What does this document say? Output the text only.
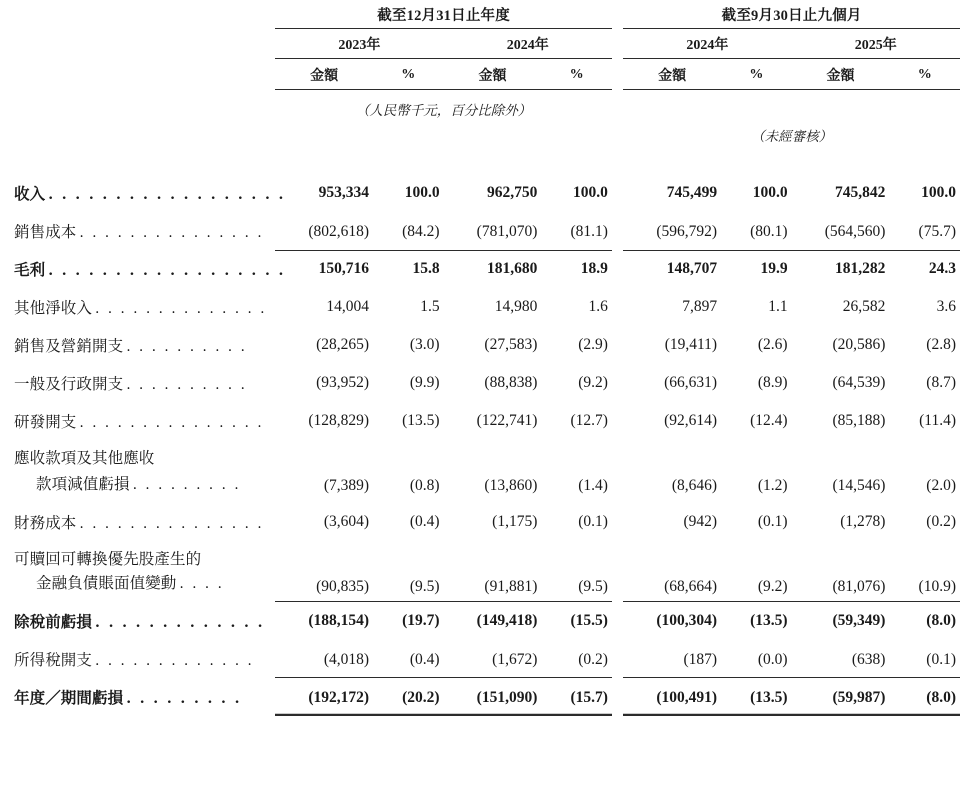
		截至12月31日止年度					截至9月30日止九個月			
		2023年		2024年			2024年		2025年	
		金額	%	金額	%		金額	%	金額	%

		（人民幣千元，百分比除外）								
							（未經審核）			

收入 . . . . . . . . . . . . . . . . . .		953,334	100.0	962,750	100.0		745,499	100.0	745,842	100.0
銷售成本 . . . . . . . . . . . . . . .		(802,618)	(84.2)	(781,070)	(81.1)		(596,792)	(80.1)	(564,560)	(75.7)
毛利 . . . . . . . . . . . . . . . . . .		150,716	15.8	181,680	18.9		148,707	19.9	181,282	24.3
其他淨收入 . . . . . . . . . . . . . .		14,004	1.5	14,980	1.6		7,897	1.1	26,582	3.6
銷售及營銷開支 . . . . . . . . . .		(28,265)	(3.0)	(27,583)	(2.9)		(19,411)	(2.6)	(20,586)	(2.8)
一般及行政開支 . . . . . . . . . .		(93,952)	(9.9)	(88,838)	(9.2)		(66,631)	(8.9)	(64,539)	(8.7)
研發開支 . . . . . . . . . . . . . . .		(128,829)	(13.5)	(122,741)	(12.7)		(92,614)	(12.4)	(85,188)	(11.4)
應收款項及其他應收										
款項減值虧損 . . . . . . . . .		(7,389)	(0.8)	(13,860)	(1.4)		(8,646)	(1.2)	(14,546)	(2.0)
財務成本 . . . . . . . . . . . . . . .		(3,604)	(0.4)	(1,175)	(0.1)		(942)	(0.1)	(1,278)	(0.2)
可贖回可轉換優先股產生的										
金融負債賬面值變動 . . . .		(90,835)	(9.5)	(91,881)	(9.5)		(68,664)	(9.2)	(81,076)	(10.9)
除稅前虧損 . . . . . . . . . . . . .		(188,154)	(19.7)	(149,418)	(15.5)		(100,304)	(13.5)	(59,349)	(8.0)
所得稅開支 . . . . . . . . . . . . .		(4,018)	(0.4)	(1,672)	(0.2)		(187)	(0.0)	(638)	(0.1)
年度／期間虧損 . . . . . . . . .		(192,172)	(20.2)	(151,090)	(15.7)		(100,491)	(13.5)	(59,987)	(8.0)
